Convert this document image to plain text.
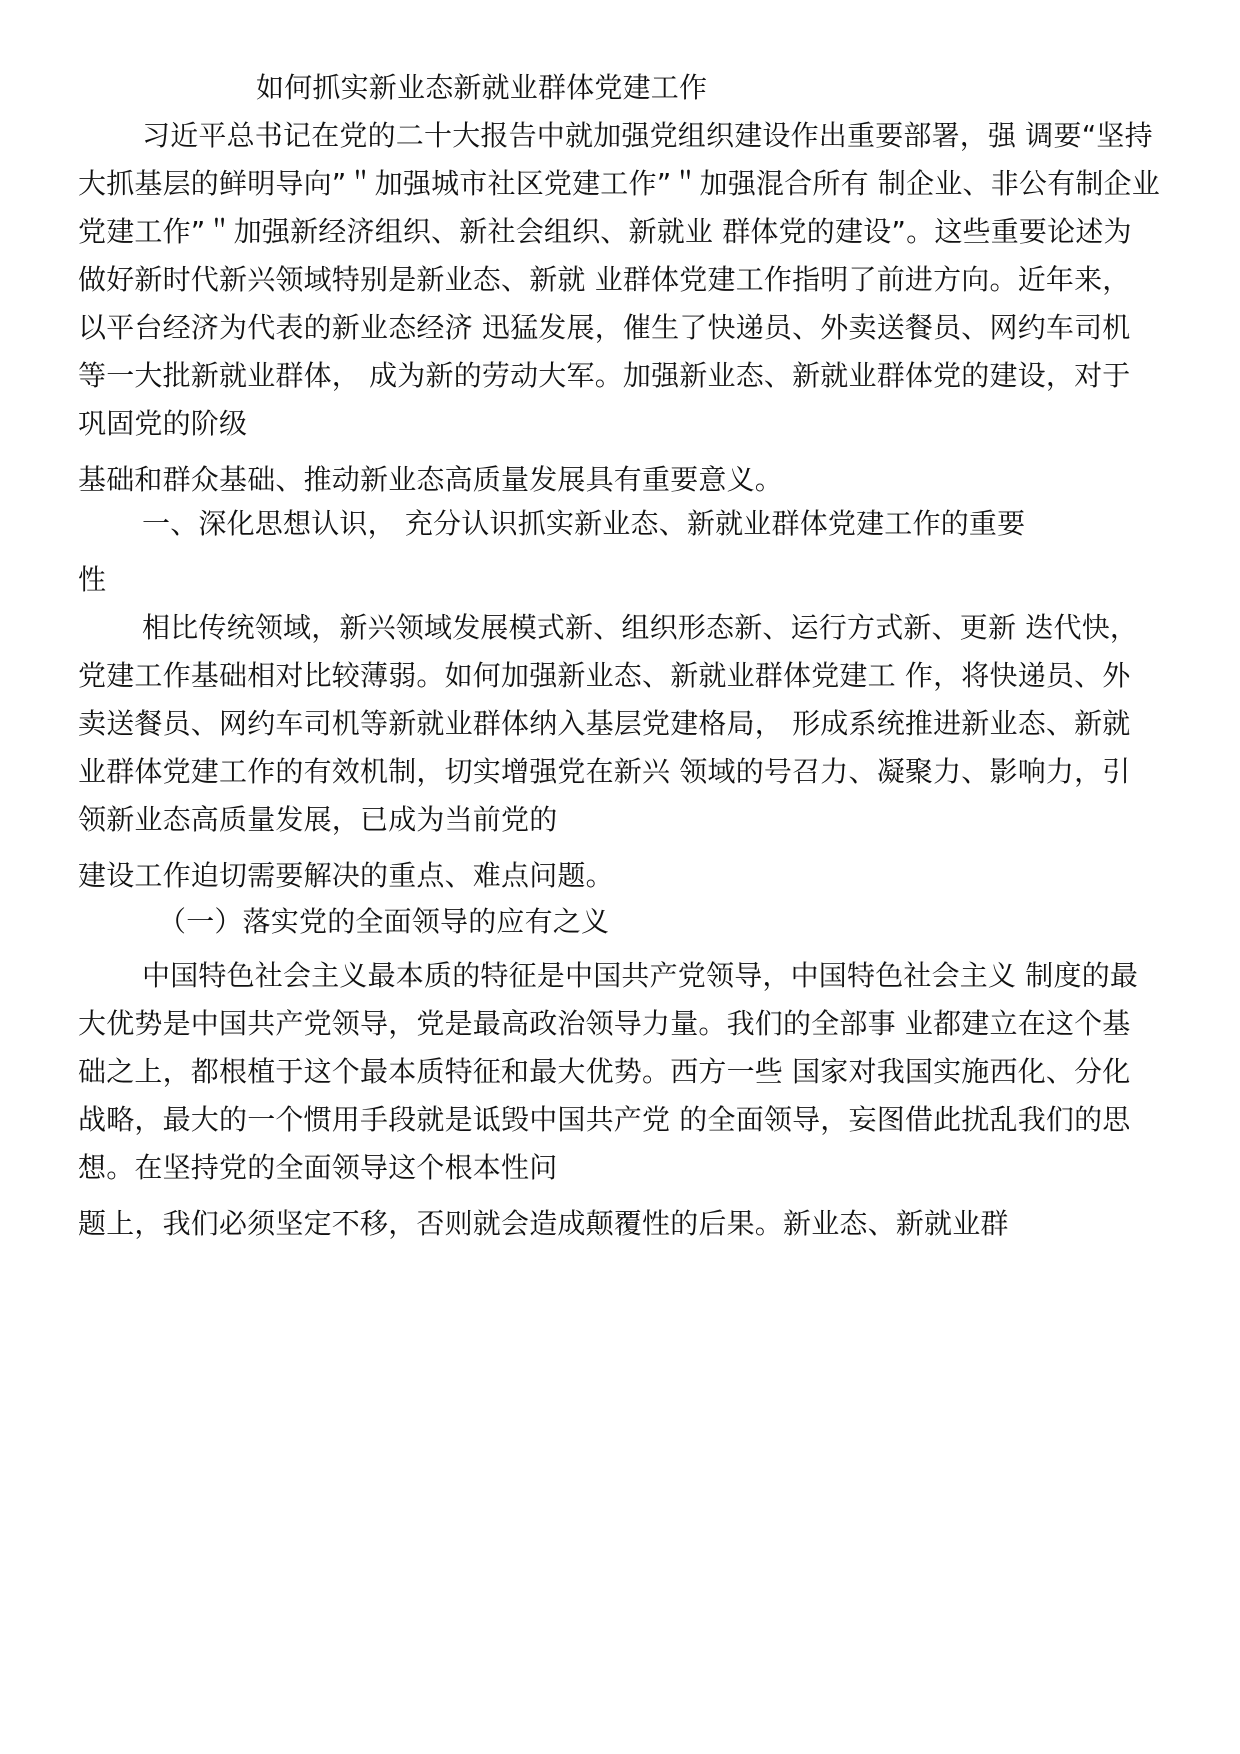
如何抓实新业态新就业群体党建工作
习近平总书记在党的二十大报告中就加强党组织建设作出重要部署，强 调要“坚持
大抓基层的鲜明导向”＂加强城市社区党建工作”＂加强混合所有 制企业、非公有制企业
党建工作”＂加强新经济组织、新社会组织、新就业 群体党的建设”。这些重要论述为
做好新时代新兴领域特别是新业态、新就 业群体党建工作指明了前进方向。近年来，
以平台经济为代表的新业态经济 迅猛发展，催生了快递员、外卖送餐员、网约车司机
等一大批新就业群体， 成为新的劳动大军。加强新业态、新就业群体党的建设，对于
巩固党的阶级
基础和群众基础、推动新业态高质量发展具有重要意义。
一、深化思想认识， 充分认识抓实新业态、新就业群体党建工作的重要
性
相比传统领域，新兴领域发展模式新、组织形态新、运行方式新、更新 迭代快，
党建工作基础相对比较薄弱。如何加强新业态、新就业群体党建工 作，将快递员、外
卖送餐员、网约车司机等新就业群体纳入基层党建格局， 形成系统推进新业态、新就
业群体党建工作的有效机制，切实增强党在新兴 领域的号召力、凝聚力、影响力，引
领新业态高质量发展，已成为当前党的
建设工作迫切需要解决的重点、难点问题。
（一）落实党的全面领导的应有之义
中国特色社会主义最本质的特征是中国共产党领导，中国特色社会主义 制度的最
大优势是中国共产党领导，党是最高政治领导力量。我们的全部事 业都建立在这个基
础之上，都根植于这个最本质特征和最大优势。西方一些 国家对我国实施西化、分化
战略，最大的一个惯用手段就是诋毁中国共产党 的全面领导，妄图借此扰乱我们的思
想。在坚持党的全面领导这个根本性问
题上，我们必须坚定不移，否则就会造成颠覆性的后果。新业态、新就业群
